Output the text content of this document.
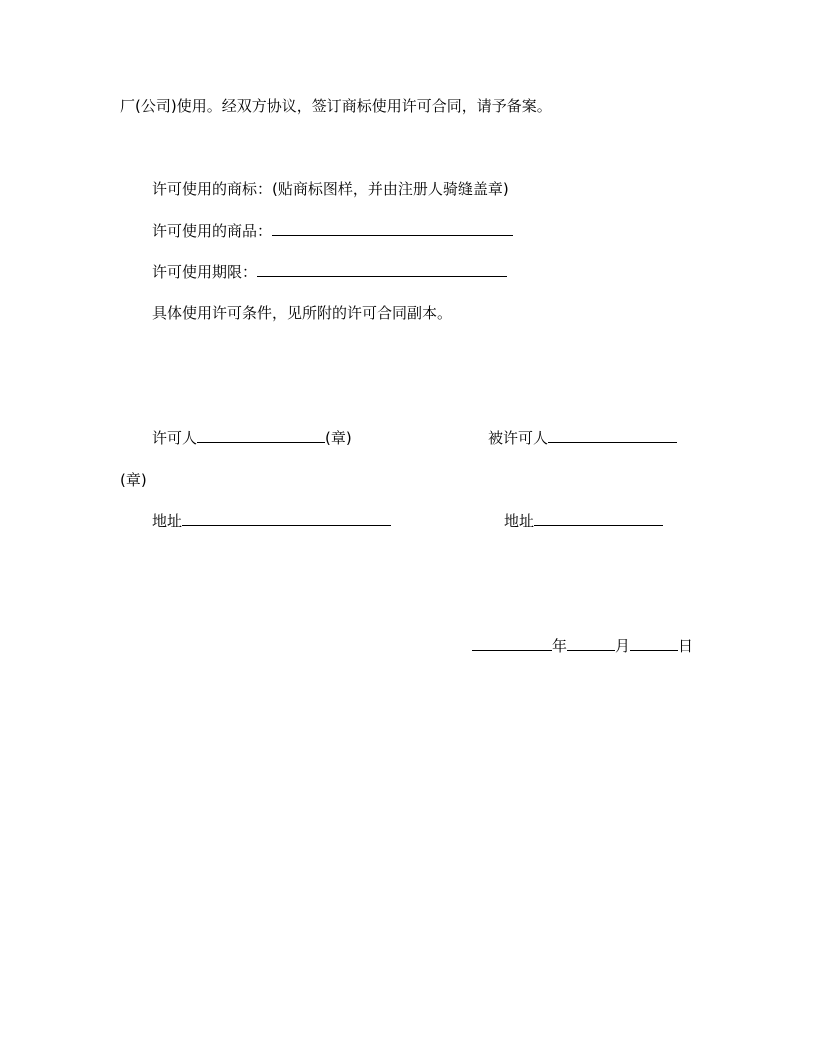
厂(公司)使用。经双方协议，签订商标使用许可合同，请予备案。
许可使用的商标：(贴商标图样，并由注册人骑缝盖章)
许可使用的商品：
许可使用期限：
具体使用许可条件，见所附的许可合同副本。
许可人	(章)	被许可人
(章)
地址	地址
年	月	日
